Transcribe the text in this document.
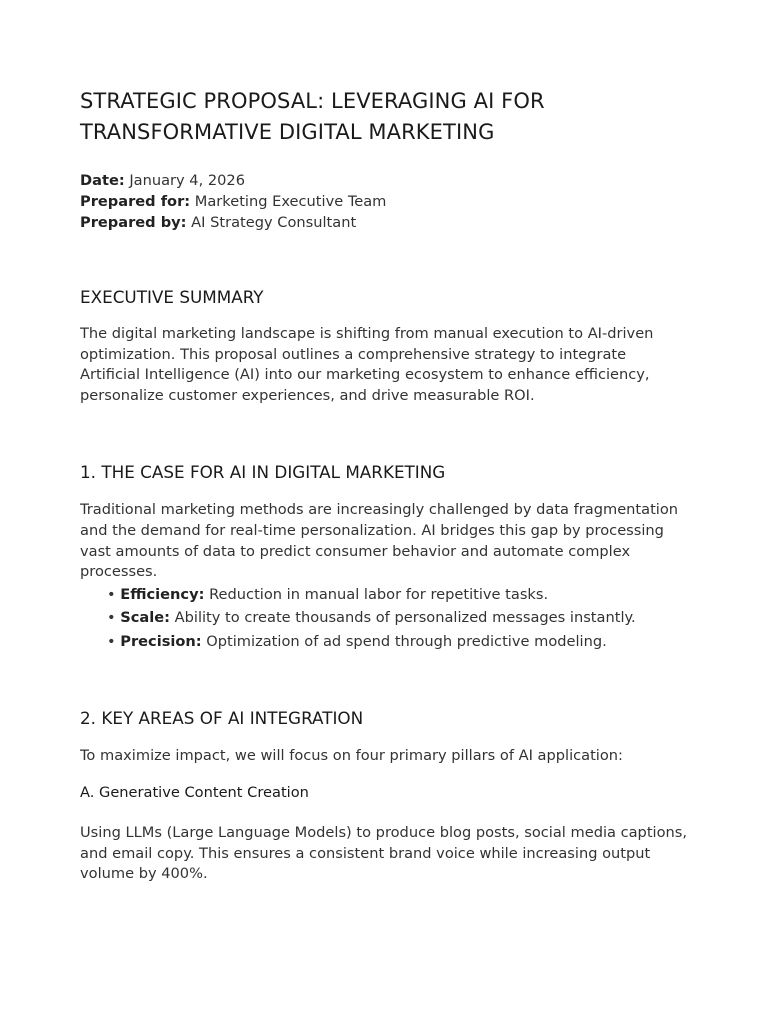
STRATEGIC PROPOSAL: LEVERAGING AI FOR TRANSFORMATIVE DIGITAL MARKETING
Date: January 4, 2026
Prepared for: Marketing Executive Team
Prepared by: AI Strategy Consultant
EXECUTIVE SUMMARY

The digital marketing landscape is shifting from manual execution to AI-driven optimization. This proposal outlines a comprehensive strategy to integrate Artificial Intelligence (AI) into our marketing ecosystem to enhance efficiency, personalize customer experiences, and drive measurable ROI.

1. THE CASE FOR AI IN DIGITAL MARKETING

Traditional marketing methods are increasingly challenged by data fragmentation and the demand for real-time personalization. AI bridges this gap by processing vast amounts of data to predict consumer behavior and automate complex processes.

• Efficiency: Reduction in manual labor for repetitive tasks.
• Scale: Ability to create thousands of personalized messages instantly.
• Precision: Optimization of ad spend through predictive modeling.
2. KEY AREAS OF AI INTEGRATION

To maximize impact, we will focus on four primary pillars of AI application:

A. Generative Content Creation

Using LLMs (Large Language Models) to produce blog posts, social media captions, and email copy. This ensures a consistent brand voice while increasing output volume by 400%.
